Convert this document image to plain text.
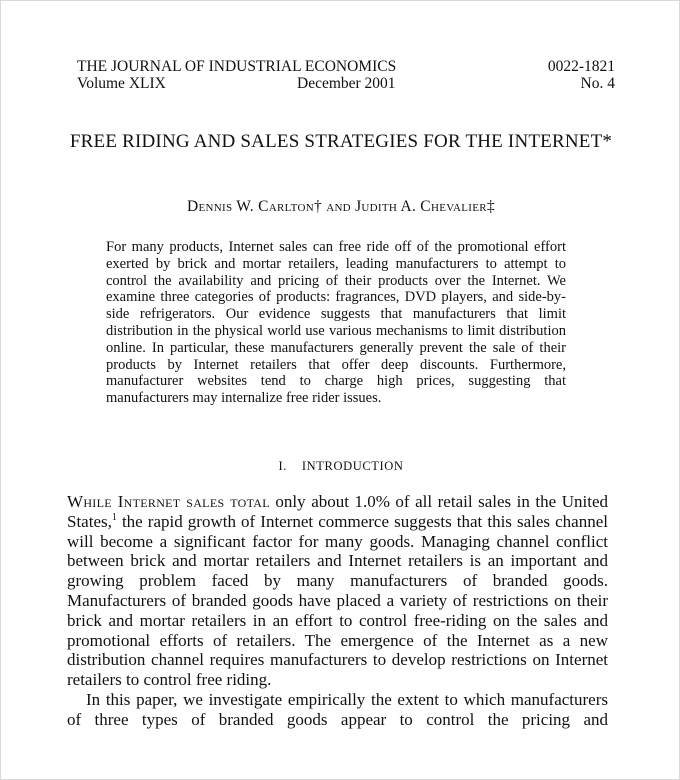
THE JOURNAL OF INDUSTRIAL ECONOMICS	0022-1821
Volume XLIX	December 2001	No. 4
FREE RIDING AND SALES STRATEGIES FOR THE INTERNET*
Dennis W. Carlton† and Judith A. Chevalier‡
For many products, Internet sales can free ride off of the promotional effort exerted by brick and mortar retailers, leading manufacturers to attempt to control the availability and pricing of their products over the Internet. We examine three categories of products: fragrances, DVD players, and side-by-side refrigerators. Our evidence suggests that manufacturers that limit distribution in the physical world use various mechanisms to limit distribution online. In particular, these manufacturers generally prevent the sale of their products by Internet retailers that offer deep discounts. Furthermore, manufacturer websites tend to charge high prices, suggesting that manufacturers may internalize free rider issues.
I. INTRODUCTION

While Internet sales total only about 1.0% of all retail sales in the United States,$^1$ the rapid growth of Internet commerce suggests that this sales channel will become a significant factor for many goods. Managing channel conflict between brick and mortar retailers and Internet retailers is an important and growing problem faced by many manufacturers of branded goods. Manufacturers of branded goods have placed a variety of restrictions on their brick and mortar retailers in an effort to control free-riding on the sales and promotional efforts of retailers. The emergence of the Internet as a new distribution channel requires manufacturers to develop restrictions on Internet retailers to control free riding.

In this paper, we investigate empirically the extent to which manufacturers of three types of branded goods appear to control the pricing and
